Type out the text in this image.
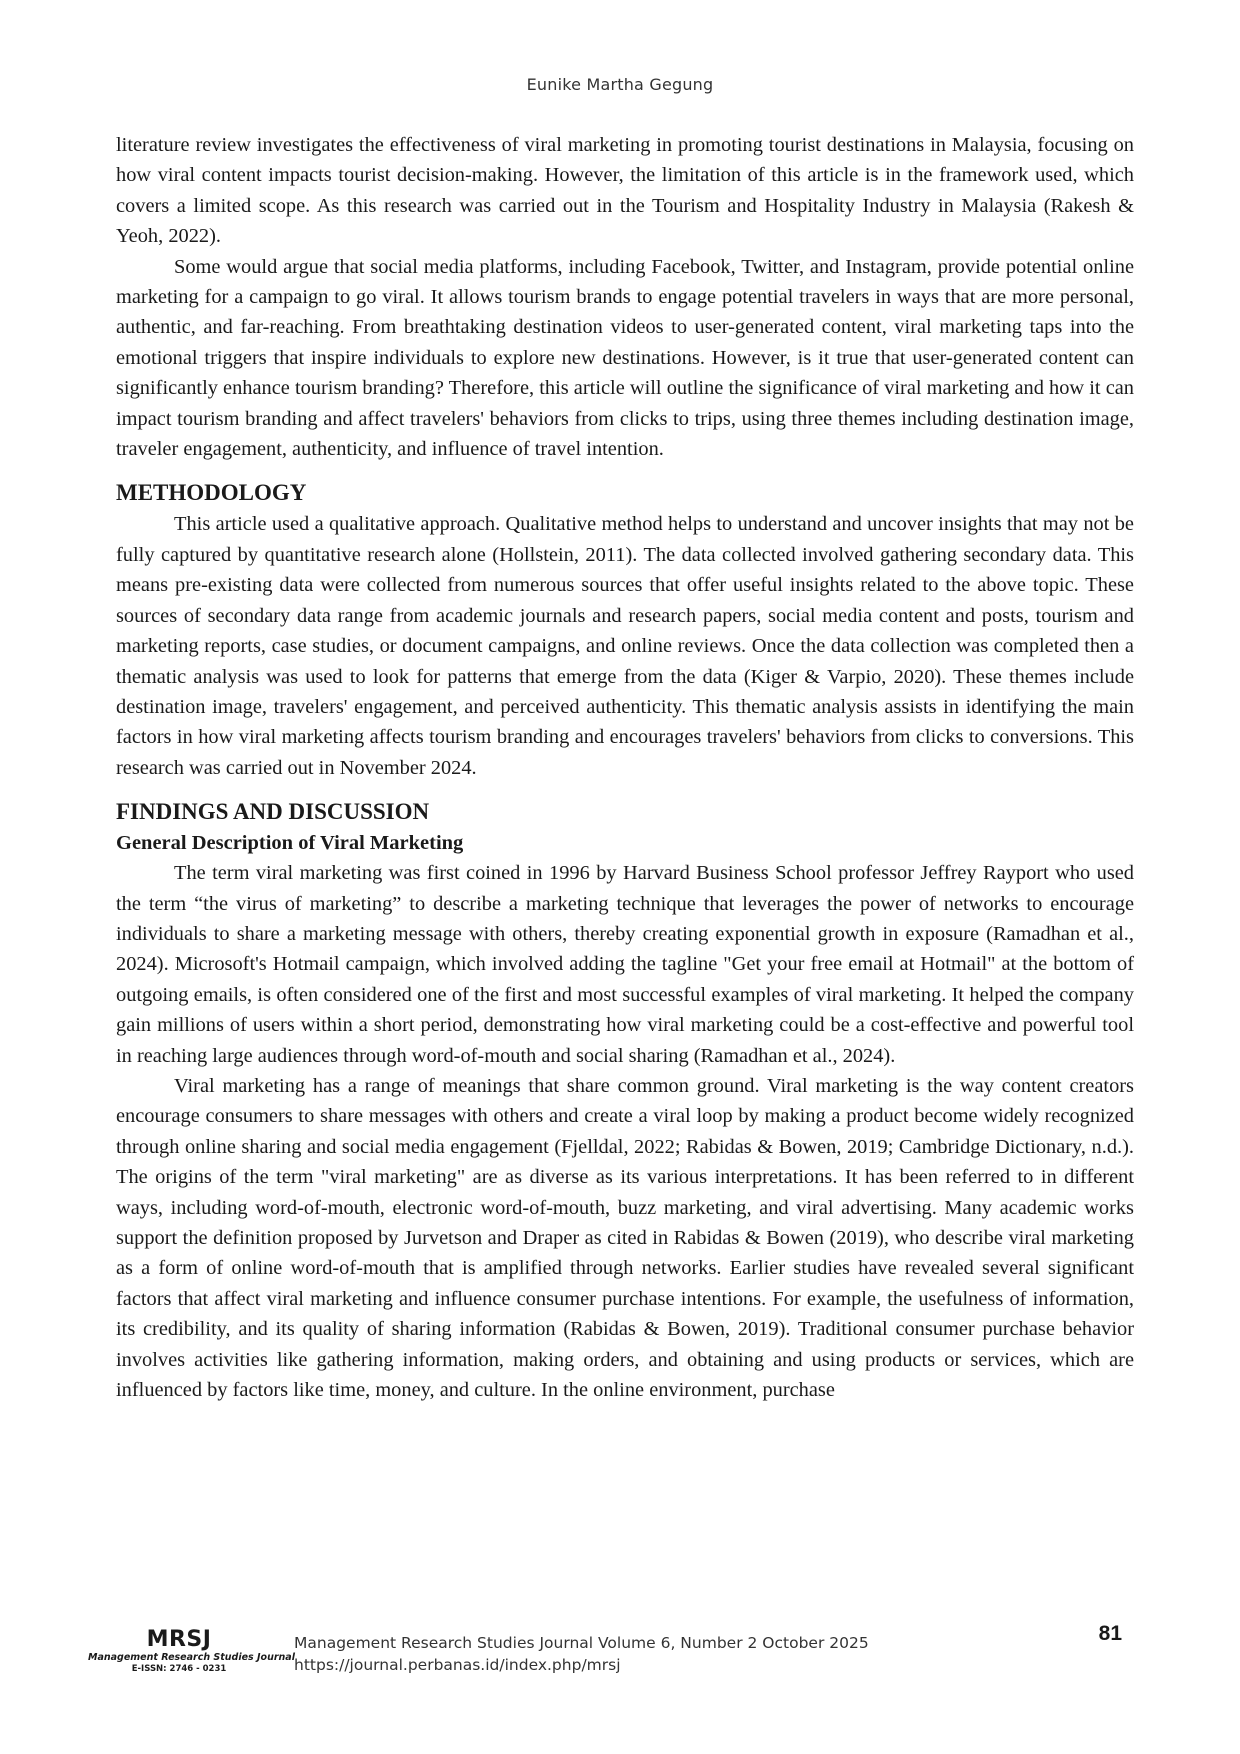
Eunike Martha Gegung

literature review investigates the effectiveness of viral marketing in promoting tourist destinations in Malaysia, focusing on how viral content impacts tourist decision-making. However, the limitation of this article is in the framework used, which covers a limited scope. As this research was carried out in the Tourism and Hospitality Industry in Malaysia (Rakesh & Yeoh, 2022).

Some would argue that social media platforms, including Facebook, Twitter, and Instagram, provide potential online marketing for a campaign to go viral. It allows tourism brands to engage potential travelers in ways that are more personal, authentic, and far-reaching. From breathtaking destination videos to user-generated content, viral marketing taps into the emotional triggers that inspire individuals to explore new destinations. However, is it true that user-generated content can significantly enhance tourism branding? Therefore, this article will outline the significance of viral marketing and how it can impact tourism branding and affect travelers' behaviors from clicks to trips, using three themes including destination image, traveler engagement, authenticity, and influence of travel intention.

METHODOLOGY

This article used a qualitative approach. Qualitative method helps to understand and uncover insights that may not be fully captured by quantitative research alone (Hollstein, 2011). The data collected involved gathering secondary data. This means pre-existing data were collected from numerous sources that offer useful insights related to the above topic. These sources of secondary data range from academic journals and research papers, social media content and posts, tourism and marketing reports, case studies, or document campaigns, and online reviews. Once the data collection was completed then a thematic analysis was used to look for patterns that emerge from the data (Kiger & Varpio, 2020). These themes include destination image, travelers' engagement, and perceived authenticity. This thematic analysis assists in identifying the main factors in how viral marketing affects tourism branding and encourages travelers' behaviors from clicks to conversions. This research was carried out in November 2024.

FINDINGS AND DISCUSSION
General Description of Viral Marketing

The term viral marketing was first coined in 1996 by Harvard Business School professor Jeffrey Rayport who used the term “the virus of marketing” to describe a marketing technique that leverages the power of networks to encourage individuals to share a marketing message with others, thereby creating exponential growth in exposure (Ramadhan et al., 2024). Microsoft's Hotmail campaign, which involved adding the tagline "Get your free email at Hotmail" at the bottom of outgoing emails, is often considered one of the first and most successful examples of viral marketing. It helped the company gain millions of users within a short period, demonstrating how viral marketing could be a cost-effective and powerful tool in reaching large audiences through word-of-mouth and social sharing (Ramadhan et al., 2024).

Viral marketing has a range of meanings that share common ground. Viral marketing is the way content creators encourage consumers to share messages with others and create a viral loop by making a product become widely recognized through online sharing and social media engagement (Fjelldal, 2022; Rabidas & Bowen, 2019; Cambridge Dictionary, n.d.). The origins of the term "viral marketing" are as diverse as its various interpretations. It has been referred to in different ways, including word-of-mouth, electronic word-of-mouth, buzz marketing, and viral advertising. Many academic works support the definition proposed by Jurvetson and Draper as cited in Rabidas & Bowen (2019), who describe viral marketing as a form of online word-of-mouth that is amplified through networks. Earlier studies have revealed several significant factors that affect viral marketing and influence consumer purchase intentions. For example, the usefulness of information, its credibility, and its quality of sharing information (Rabidas & Bowen, 2019). Traditional consumer purchase behavior involves activities like gathering information, making orders, and obtaining and using products or services, which are influenced by factors like time, money, and culture. In the online environment, purchase

MRSJ
Management Research Studies Journal
E-ISSN: 2746 - 0231
Management Research Studies Journal Volume 6, Number 2 October 2025
https://journal.perbanas.id/index.php/mrsj
81
